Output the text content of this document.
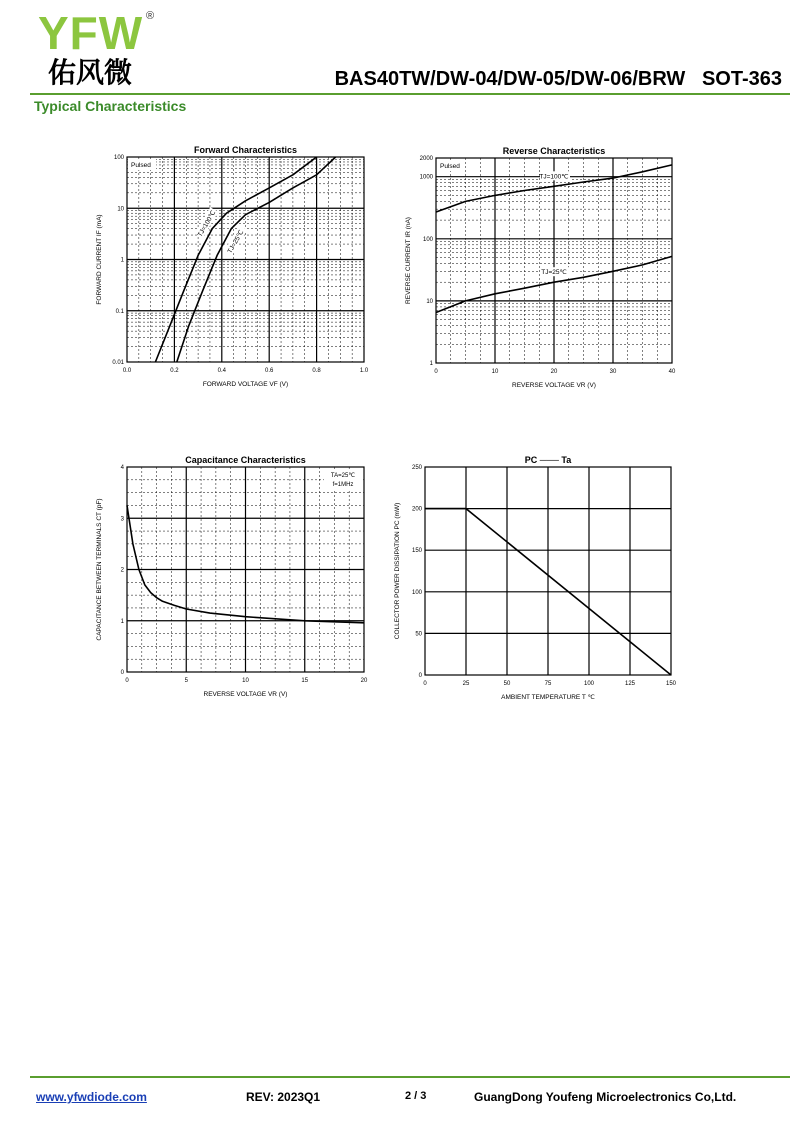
YFW ®
佑风微	BAS40TW/DW-04/DW-05/DW-06/BRW   SOT-363
Typical Characteristics
0.0	0.2	0.4	0.6	0.8	1.0
0.01
0.1
1
10
100
Forward Characteristics
FORWARD VOLTAGE VF (V)
FORWARD CURRENT IF (mA)
Pulsed
TJ=100℃
TJ=25℃
0	10	20	30	40
1
10
100
1000
2000
Reverse Characteristics
REVERSE VOLTAGE VR (V)
REVERSE CURRENT IR (nA)
Pulsed
TJ=100℃
TJ=25℃
0	5	10	15	20
0
1
2
3
4
Capacitance Characteristics
REVERSE VOLTAGE VR (V)
CAPACITANCE BETWEEN TERMINALS CT (pF)
TA=25℃
f=1MHz
0	25	50	75	100	125	150
0
50
100
150
200
250
PC ─── Ta
AMBIENT TEMPERATURE T ℃
COLLECTOR POWER DISSIPATION PC (mW)
www.yfwdiode.com	REV: 2023Q1	2 / 3	GuangDong Youfeng Microelectronics Co,Ltd.
